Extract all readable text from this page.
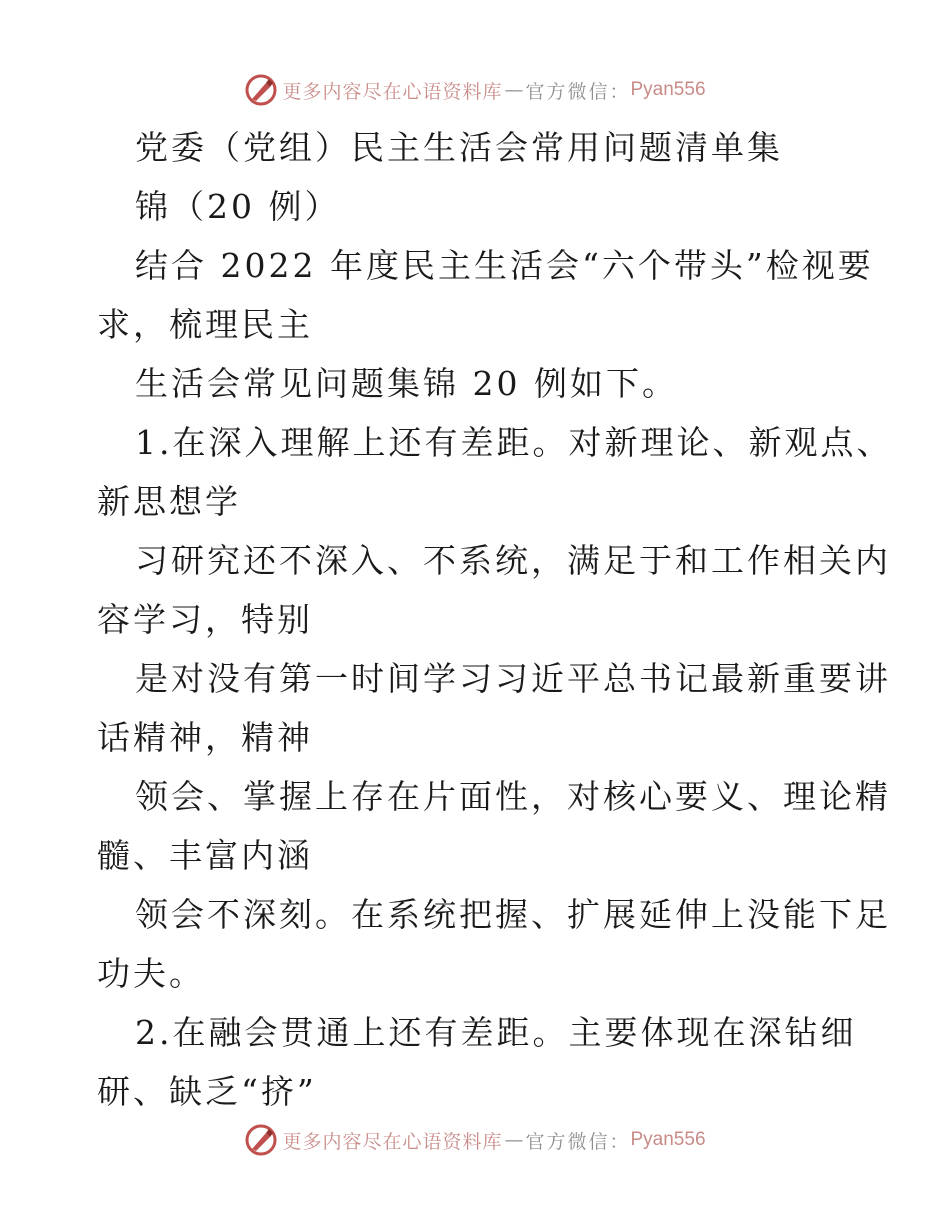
更多内容尽在心语资料库 — 官方微信： Pyan556
党委（党组）民主生活会常用问题清单集
锦（20 例）
结合 2022 年度民主生活会“六个带头”检视要
求，梳理民主
生活会常见问题集锦 20 例如下。
1.在深入理解上还有差距。对新理论、新观点、
新思想学
习研究还不深入、不系统，满足于和工作相关内
容学习，特别
是对没有第一时间学习习近平总书记最新重要讲
话精神，精神
领会、掌握上存在片面性，对核心要义、理论精
髓、丰富内涵
领会不深刻。在系统把握、扩展延伸上没能下足
功夫。
2.在融会贯通上还有差距。主要体现在深钻细
研、缺乏“挤”
更多内容尽在心语资料库 — 官方微信： Pyan556
